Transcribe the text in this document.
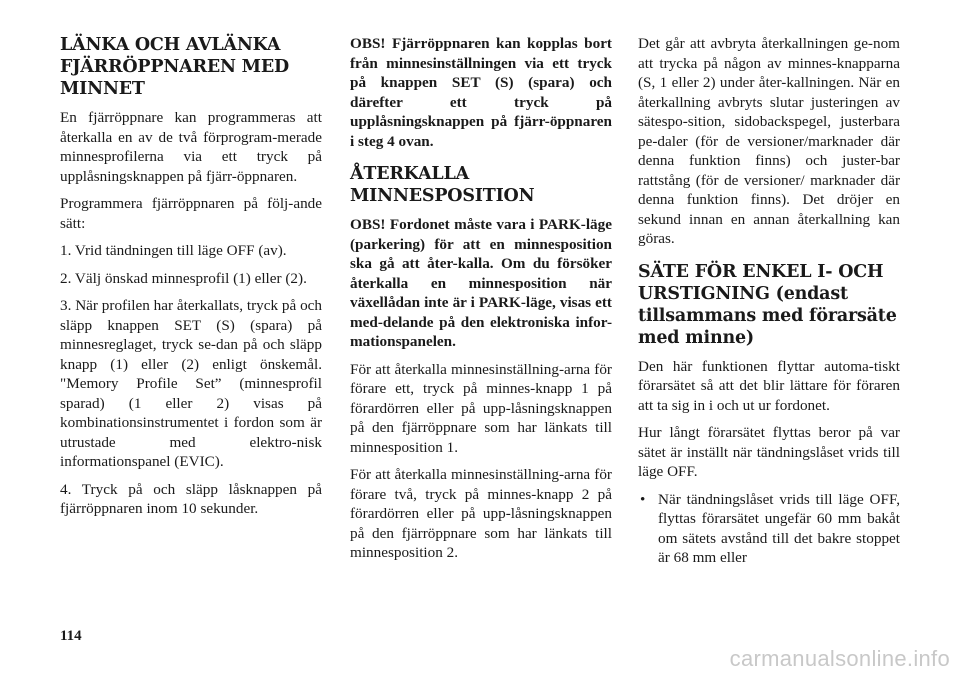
LÄNKA OCH AVLÄNKA FJÄRRÖPPNAREN MED MINNET

En fjärröppnare kan programmeras att återkalla en av de två förprogram-merade minnesprofilerna via ett tryck på upplåsningsknappen på fjärr-öppnaren.

Programmera fjärröppnaren på följ-ande sätt:

1. Vrid tändningen till läge OFF (av).

2. Välj önskad minnesprofil (1) eller (2).

3. När profilen har återkallats, tryck på och släpp knappen SET (S) (spara) på minnesreglaget, tryck se-dan på och släpp knapp (1) eller (2) enligt önskemål. "Memory Profile Set” (minnesprofil sparad) (1 eller 2) visas på kombinationsinstrumentet i fordon som är utrustade med elektro-nisk informationspanel (EVIC).

4. Tryck på och släpp låsknappen på fjärröppnaren inom 10 sekunder.

OBS! Fjärröppnaren kan kopplas bort från minnesinställningen via ett tryck på knappen SET (S) (spara) och därefter ett tryck på upplåsningsknappen på fjärr-öppnaren i steg 4 ovan.

ÅTERKALLA MINNESPOSITION

OBS! Fordonet måste vara i PARK-läge (parkering) för att en minnesposition ska gå att åter-kalla. Om du försöker återkalla en minnesposition när växellådan inte är i PARK-läge, visas ett med-delande på den elektroniska infor-mationspanelen.

För att återkalla minnesinställning-arna för förare ett, tryck på minnes-knapp 1 på förardörren eller på upp-låsningsknappen på den fjärröppnare som har länkats till minnesposition 1.

För att återkalla minnesinställning-arna för förare två, tryck på minnes-knapp 2 på förardörren eller på upp-låsningsknappen på den fjärröppnare som har länkats till minnesposition 2.

Det går att avbryta återkallningen ge-nom att trycka på någon av minnes-knapparna (S, 1 eller 2) under åter-kallningen. När en återkallning avbryts slutar justeringen av sätespo-sition, sidobackspegel, justerbara pe-daler (för de versioner/marknader där denna funktion finns) och juster-bar rattstång (för de versioner/ marknader där denna funktion finns). Det dröjer en sekund innan en annan återkallning kan göras.

SÄTE FÖR ENKEL I- OCH URSTIGNING (endast tillsammans med förarsäte med minne)

Den här funktionen flyttar automa-tiskt förarsätet så att det blir lättare för föraren att ta sig in i och ut ur fordonet.

Hur långt förarsätet flyttas beror på var sätet är inställt när tändningslåset vrids till läge OFF.

• När tändningslåset vrids till läge OFF, flyttas förarsätet ungefär 60 mm bakåt om sätets avstånd till det bakre stoppet är 68 mm eller
114
carmanualsonline.info
